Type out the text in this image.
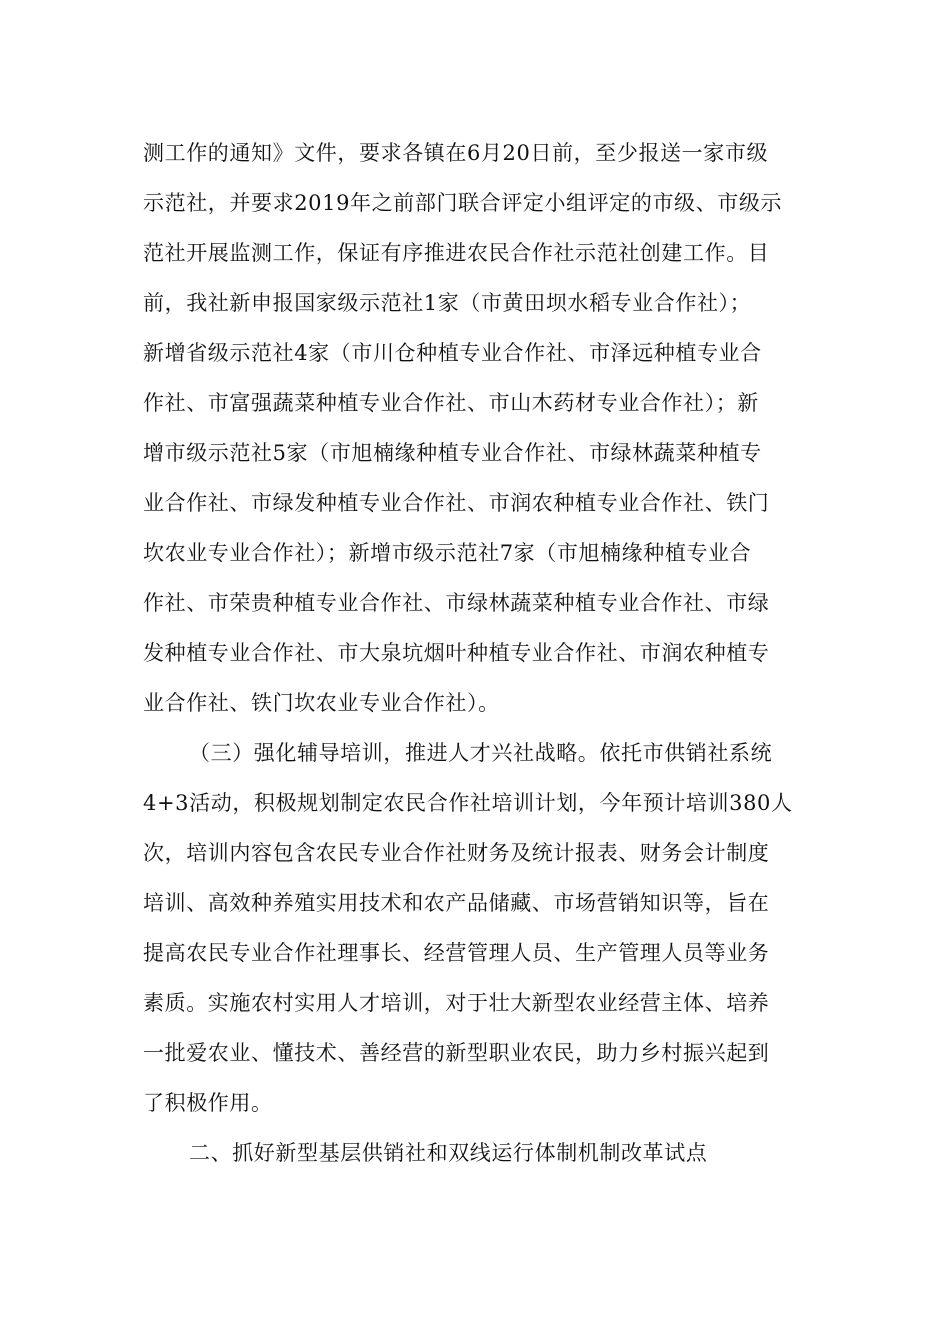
测工作的通知》文件，要求各镇在6月20日前，至少报送一家市级
示范社，并要求2019年之前部门联合评定小组评定的市级、市级示
范社开展监测工作，保证有序推进农民合作社示范社创建工作。目
前，我社新申报国家级示范社1家（市黄田坝水稻专业合作社）；
新增省级示范社4家（市川仓种植专业合作社、市泽远种植专业合
作社、市富强蔬菜种植专业合作社、市山木药材专业合作社）；新
增市级示范社5家（市旭楠缘种植专业合作社、市绿林蔬菜种植专
业合作社、市绿发种植专业合作社、市润农种植专业合作社、铁门
坎农业专业合作社）；新增市级示范社7家（市旭楠缘种植专业合
作社、市荣贵种植专业合作社、市绿林蔬菜种植专业合作社、市绿
发种植专业合作社、市大泉坑烟叶种植专业合作社、市润农种植专
业合作社、铁门坎农业专业合作社）。
（三）强化辅导培训，推进人才兴社战略。依托市供销社系统
4+3活动，积极规划制定农民合作社培训计划，今年预计培训380人
次，培训内容包含农民专业合作社财务及统计报表、财务会计制度
培训、高效种养殖实用技术和农产品储藏、市场营销知识等，旨在
提高农民专业合作社理事长、经营管理人员、生产管理人员等业务
素质。实施农村实用人才培训，对于壮大新型农业经营主体、培养
一批爱农业、懂技术、善经营的新型职业农民，助力乡村振兴起到
了积极作用。
二、抓好新型基层供销社和双线运行体制机制改革试点
